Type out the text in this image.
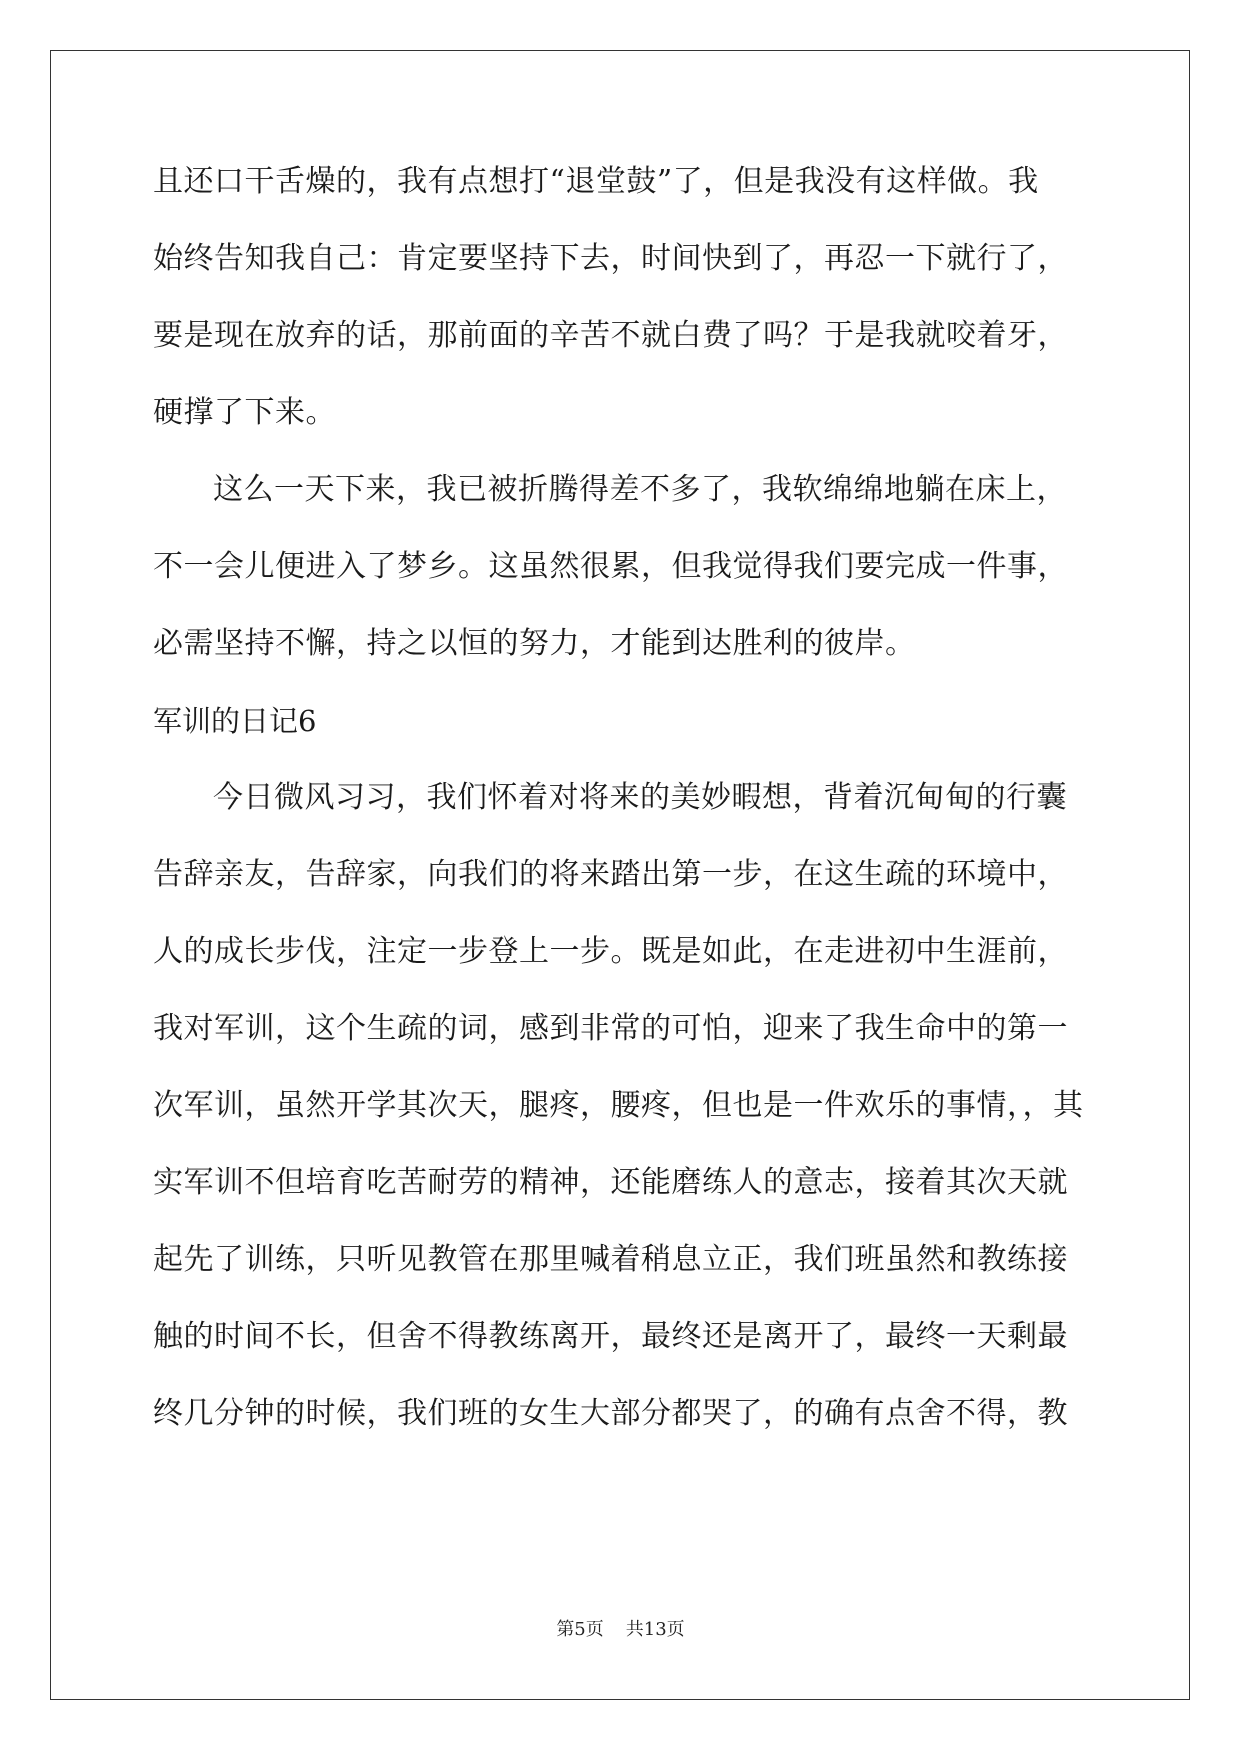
且还口干舌燥的，我有点想打“退堂鼓”了，但是我没有这样做。我
始终告知我自己：肯定要坚持下去，时间快到了，再忍一下就行了，
要是现在放弃的话，那前面的辛苦不就白费了吗？于是我就咬着牙，
硬撑了下来。
这么一天下来，我已被折腾得差不多了，我软绵绵地躺在床上，
不一会儿便进入了梦乡。这虽然很累，但我觉得我们要完成一件事，
必需坚持不懈，持之以恒的努力，才能到达胜利的彼岸。
军训的日记6
今日微风习习，我们怀着对将来的美妙暇想，背着沉甸甸的行囊
告辞亲友，告辞家，向我们的将来踏出第一步，在这生疏的环境中，
人的成长步伐，注定一步登上一步。既是如此，在走进初中生涯前，
我对军训，这个生疏的词，感到非常的可怕，迎来了我生命中的第一
次军训，虽然开学其次天，腿疼，腰疼，但也是一件欢乐的事情，，其
实军训不但培育吃苦耐劳的精神，还能磨练人的意志，接着其次天就
起先了训练，只听见教管在那里喊着稍息立正，我们班虽然和教练接
触的时间不长，但舍不得教练离开，最终还是离开了，最终一天剩最
终几分钟的时候，我们班的女生大部分都哭了，的确有点舍不得，教
第5页 共13页
